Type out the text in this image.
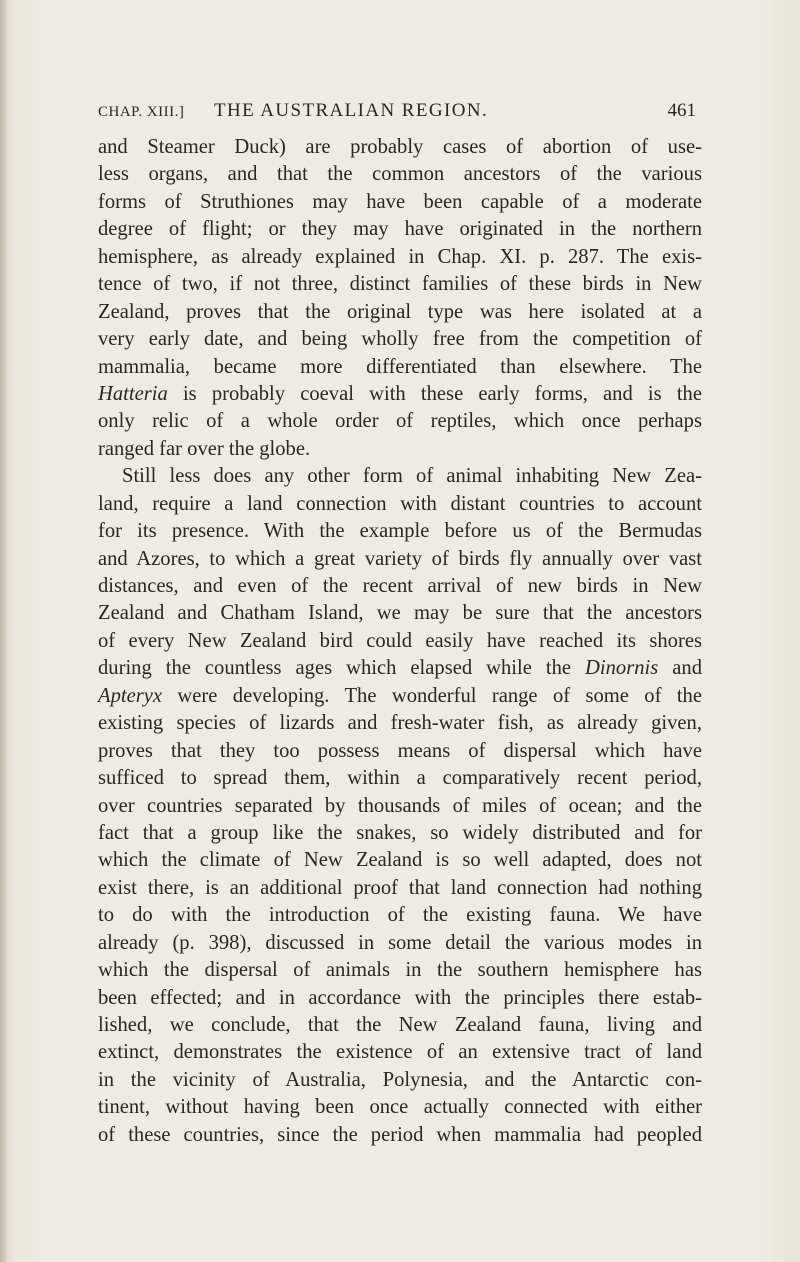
CHAP. XIII.] THE AUSTRALIAN REGION.	461
and Steamer Duck) are probably cases of abortion of use-
less organs, and that the common ancestors of the various
forms of Struthiones may have been capable of a moderate
degree of flight; or they may have originated in the northern
hemisphere, as already explained in Chap. XI. p. 287. The exis-
tence of two, if not three, distinct families of these birds in New
Zealand, proves that the original type was here isolated at a
very early date, and being wholly free from the competition of
mammalia, became more differentiated than elsewhere. The
Hatteria is probably coeval with these early forms, and is the
only relic of a whole order of reptiles, which once perhaps
ranged far over the globe.
Still less does any other form of animal inhabiting New Zea-
land, require a land connection with distant countries to account
for its presence. With the example before us of the Bermudas
and Azores, to which a great variety of birds fly annually over vast
distances, and even of the recent arrival of new birds in New
Zealand and Chatham Island, we may be sure that the ancestors
of every New Zealand bird could easily have reached its shores
during the countless ages which elapsed while the Dinornis and
Apteryx were developing. The wonderful range of some of the
existing species of lizards and fresh-water fish, as already given,
proves that they too possess means of dispersal which have
sufficed to spread them, within a comparatively recent period,
over countries separated by thousands of miles of ocean; and the
fact that a group like the snakes, so widely distributed and for
which the climate of New Zealand is so well adapted, does not
exist there, is an additional proof that land connection had nothing
to do with the introduction of the existing fauna. We have
already (p. 398), discussed in some detail the various modes in
which the dispersal of animals in the southern hemisphere has
been effected; and in accordance with the principles there estab-
lished, we conclude, that the New Zealand fauna, living and
extinct, demonstrates the existence of an extensive tract of land
in the vicinity of Australia, Polynesia, and the Antarctic con-
tinent, without having been once actually connected with either
of these countries, since the period when mammalia had peopled
